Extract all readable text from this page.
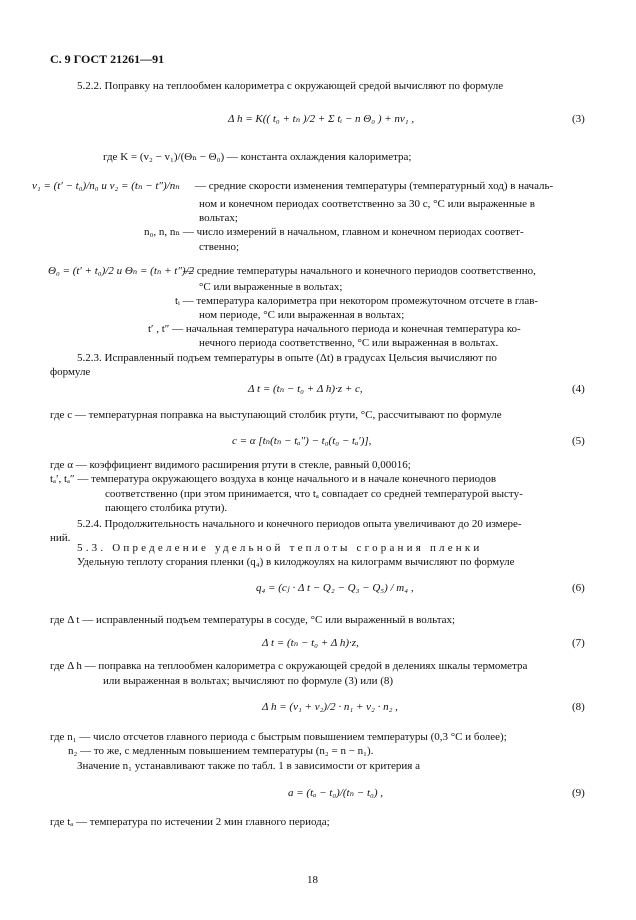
С. 9 ГОСТ 21261—91
5.2.2. Поправку на теплообмен калориметра с окружающей средой вычисляют по формуле
Δ h = K(( t₀ + tₙ )/2 + Σ tᵢ − n Θ₀ ) + nv₁ ,	(3)
где K = (v₂ − v₁)/(Θₙ − Θ₀) — константа охлаждения калориметра;
v₁ = (t′ − t₀)/n₀ и v₂ = (tₙ − t″)/nₙ — средние скорости изменения температуры (температурный ход) в началь-
ном и конечном периодах соответственно за 30 с, °С или выраженные в
вольтах;
n₀, n, nₙ — число измерений в начальном, главном и конечном периодах соответ-
ственно;
Θ₀ = (t′ + t₀)/2 и Θₙ = (tₙ + t″)/2
— средние температуры начального и конечного периодов соответственно,
°С или выраженные в вольтах;
tᵢ — температура калориметра при некотором промежуточном отсчете в глав-
ном периоде, °С или выраженная в вольтах;
t′ , t″ — начальная температура начального периода и конечная температура ко-
нечного периода соответственно, °С или выраженная в вольтах.
5.2.3. Исправленный подъем температуры в опыте (Δt) в градусах Цельсия вычисляют по
формуле
Δ t = (tₙ − t₀ + Δ h)·z + c,	(4)
где c — температурная поправка на выступающий столбик ртути, °С, рассчитывают по формуле
c = α [tₙ(tₙ − tₐ″) − t₀(t₀ − tₐ′)],	(5)
где α — коэффициент видимого расширения ртути в стекле, равный 0,00016;
tₐ′, tₐ″ — температура окружающего воздуха в конце начального и в начале конечного периодов
соответственно (при этом принимается, что tₐ совпадает со средней температурой высту-
пающего столбика ртути).
5.2.4. Продолжительность начального и конечного периодов опыта увеличивают до 20 измере-
ний.
5.3. Определение удельной теплоты сгорания пленки
Удельную теплоту сгорания пленки (q₄) в килоджоулях на килограмм вычисляют по формуле
q₄ = (cⱼ · Δ t − Q₂ − Q₃ − Q₅) / m₄ ,	(6)
где Δ t — исправленный подъем температуры в сосуде, °С или выраженный в вольтах;
Δ t = (tₙ − t₀ + Δ h)·z,	(7)
где Δ h — поправка на теплообмен калориметра с окружающей средой в делениях шкалы термометра
или выраженная в вольтах; вычисляют по формуле (3) или (8)
Δ h = (v₁ + v₂)/2 · n₁ + v₂ · n₂ ,	(8)
где n₁ — число отсчетов главного периода с быстрым повышением температуры (0,3 °С и более);
n₂ — то же, с медленным повышением температуры (n₂ = n − n₁).
Значение n₁ устанавливают также по табл. 1 в зависимости от критерия a
a = (tₐ − t₀)/(tₙ − t₀) ,	(9)
где tₐ — температура по истечении 2 мин главного периода;
18
